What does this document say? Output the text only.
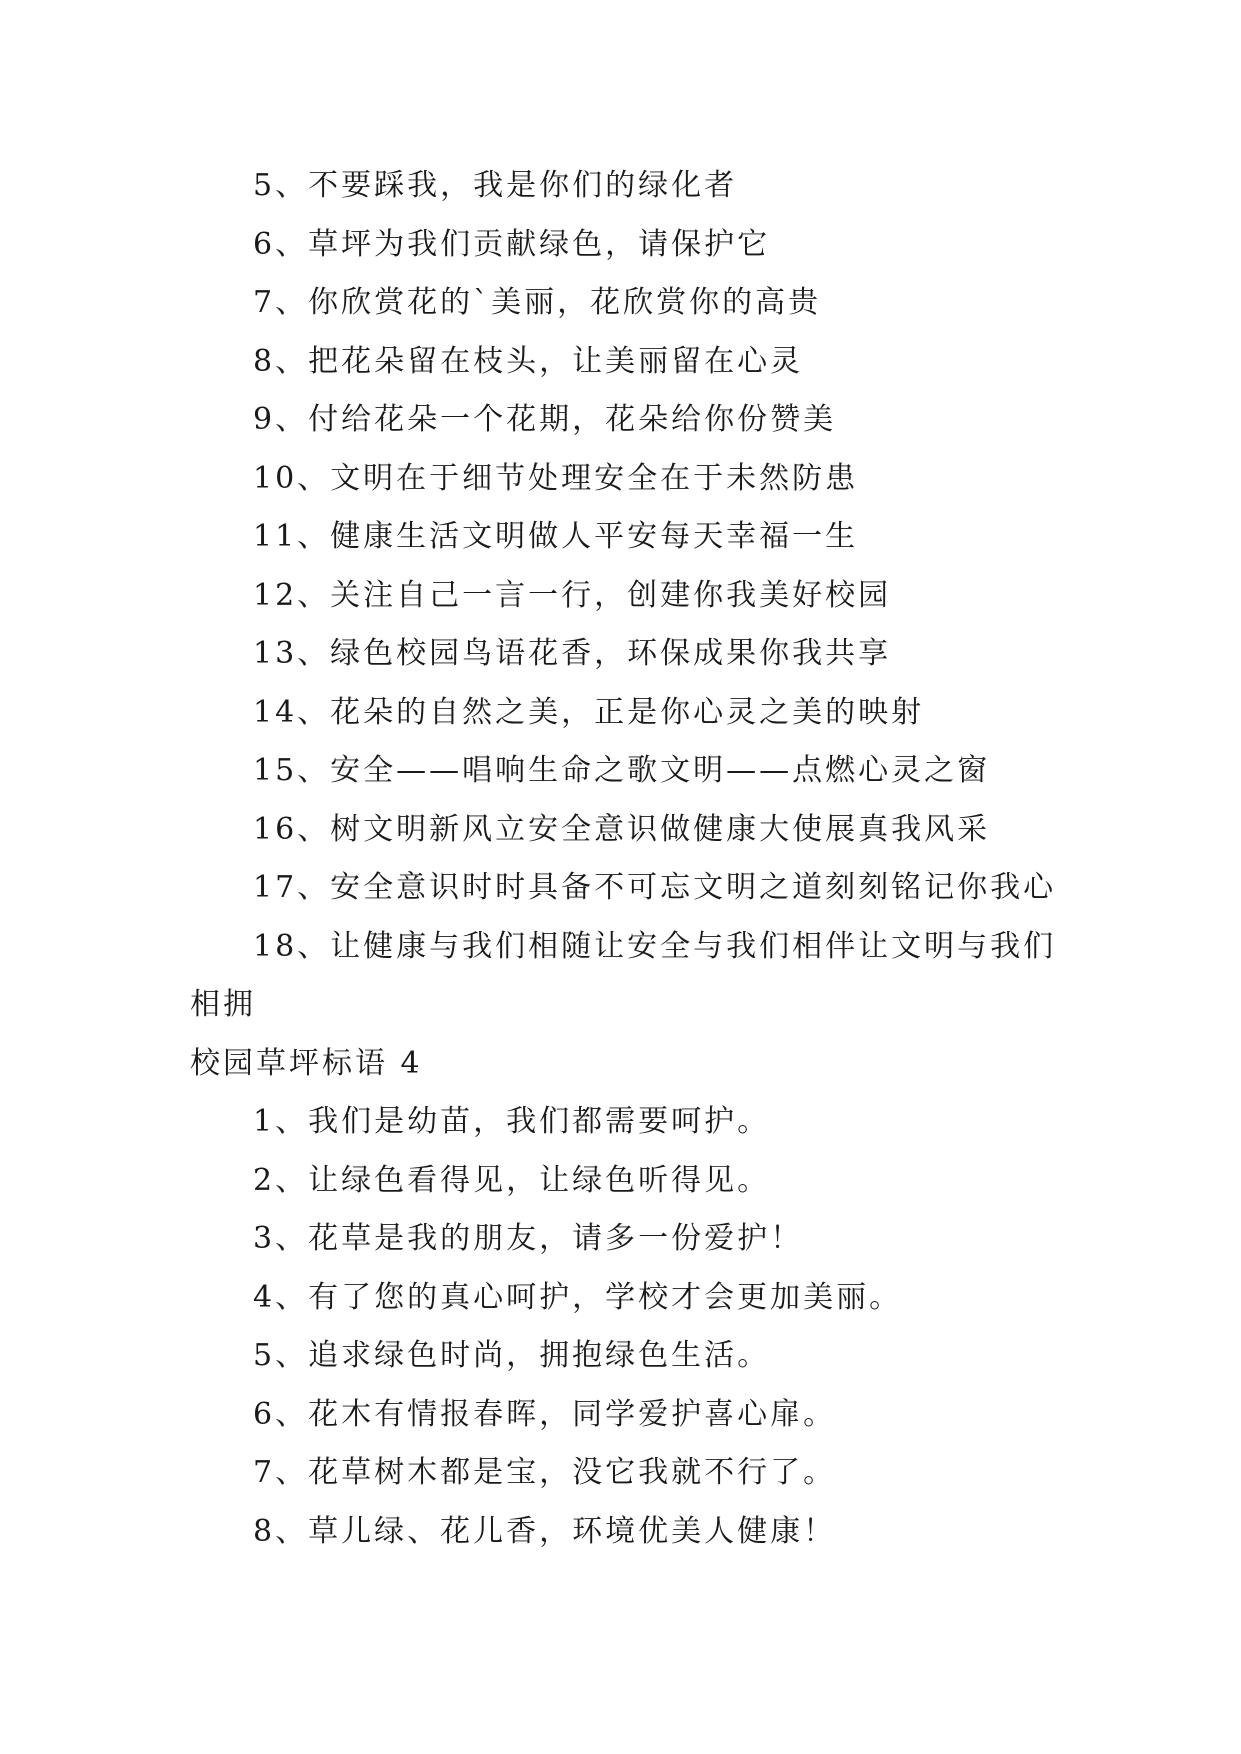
5、不要踩我，我是你们的绿化者

6、草坪为我们贡献绿色，请保护它

7、你欣赏花的`美丽，花欣赏你的高贵

8、把花朵留在枝头，让美丽留在心灵

9、付给花朵一个花期，花朵给你份赞美

10、文明在于细节处理安全在于未然防患

11、健康生活文明做人平安每天幸福一生

12、关注自己一言一行，创建你我美好校园

13、绿色校园鸟语花香，环保成果你我共享

14、花朵的自然之美，正是你心灵之美的映射

15、安全——唱响生命之歌文明——点燃心灵之窗

16、树文明新风立安全意识做健康大使展真我风采

17、安全意识时时具备不可忘文明之道刻刻铭记你我心

18、让健康与我们相随让安全与我们相伴让文明与我们

相拥

校园草坪标语 4

1、我们是幼苗，我们都需要呵护。

2、让绿色看得见，让绿色听得见。

3、花草是我的朋友，请多一份爱护！

4、有了您的真心呵护，学校才会更加美丽。

5、追求绿色时尚，拥抱绿色生活。

6、花木有情报春晖，同学爱护喜心扉。

7、花草树木都是宝，没它我就不行了。

8、草儿绿、花儿香，环境优美人健康！
